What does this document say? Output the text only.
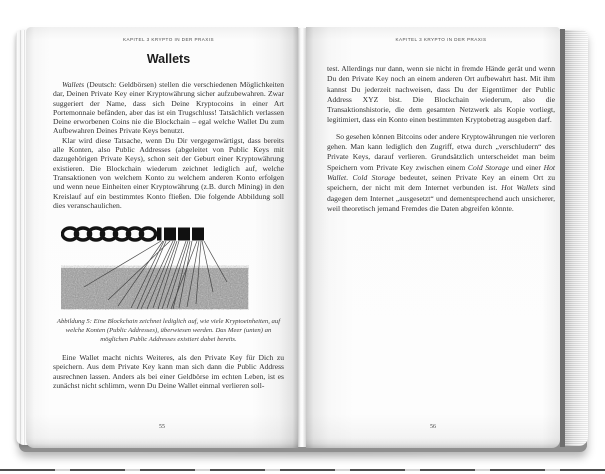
KAPITEL 3 KRYPTO IN DER PRAXIS
Wallets

Wallets (Deutsch: Geldbörsen) stellen die verschiedenen Möglichkeiten dar, Deinen Private Key einer Kryptowährung sicher aufzubewahren. Zwar suggeriert der Name, dass sich Deine Kryptocoins in einer Art Portemonnaie befänden, aber das ist ein Trugschluss! Tatsächlich verlassen Deine erworbenen Coins nie die Blockchain – egal welche Wallet Du zum Aufbewahren Deines Private Keys benutzt.

Klar wird diese Tatsache, wenn Du Dir vergegenwärtigst, dass bereits alle Konten, also Public Addresses (abgeleitet von Public Keys mit dazugehörigen Private Keys), schon seit der Geburt einer Kryptowährung existieren. Die Blockchain wiederum zeichnet lediglich auf, welche Transaktionen von welchem Konto zu welchem anderen Konto erfolgen und wenn neue Einheiten einer Kryptowährung (z.B. durch Mining) in den Kreislauf auf ein bestimmtes Konto fließen. Die folgende Abbildung soll dies veranschaulichen.

Abbildung 5: Eine Blockchain zeichnet lediglich auf, wie viele Kryptoeinheiten, auf welche Konten (Public Addresses), überwiesen werden. Das Meer (unten) an möglichen Public Addresses existiert dabei bereits.

Eine Wallet macht nichts Weiteres, als den Private Key für Dich zu speichern. Aus dem Private Key kann man sich dann die Public Address ausrechnen lassen. Anders als bei einer Geldbörse im echten Leben, ist es zunächst nicht schlimm, wenn Du Deine Wallet einmal verlieren soll-

55
KAPITEL 3 KRYPTO IN DER PRAXIS

test. Allerdings nur dann, wenn sie nicht in fremde Hände gerät und wenn Du den Private Key noch an einem anderen Ort aufbewahrt hast. Mit ihm kannst Du jederzeit nachweisen, dass Du der Eigentümer der Public Address XYZ bist. Die Blockchain wiederum, also die Transaktionshistorie, die dem gesamten Netzwerk als Kopie vorliegt, legitimiert, dass ein Konto einen bestimmten Kryptobetrag ausgeben darf.

So gesehen können Bitcoins oder andere Kryptowährungen nie verloren gehen. Man kann lediglich den Zugriff, etwa durch „verschludern“ des Private Keys, darauf verlieren. Grundsätzlich unterscheidet man beim Speichern vom Private Key zwischen einem Cold Storage und einer Hot Wallet. Cold Storage bedeutet, seinen Private Key an einem Ort zu speichern, der nicht mit dem Internet verbunden ist. Hot Wallets sind dagegen dem Internet „ausgesetzt“ und dementsprechend auch unsicherer, weil theoretisch jemand Fremdes die Daten abgreifen könnte.

56
